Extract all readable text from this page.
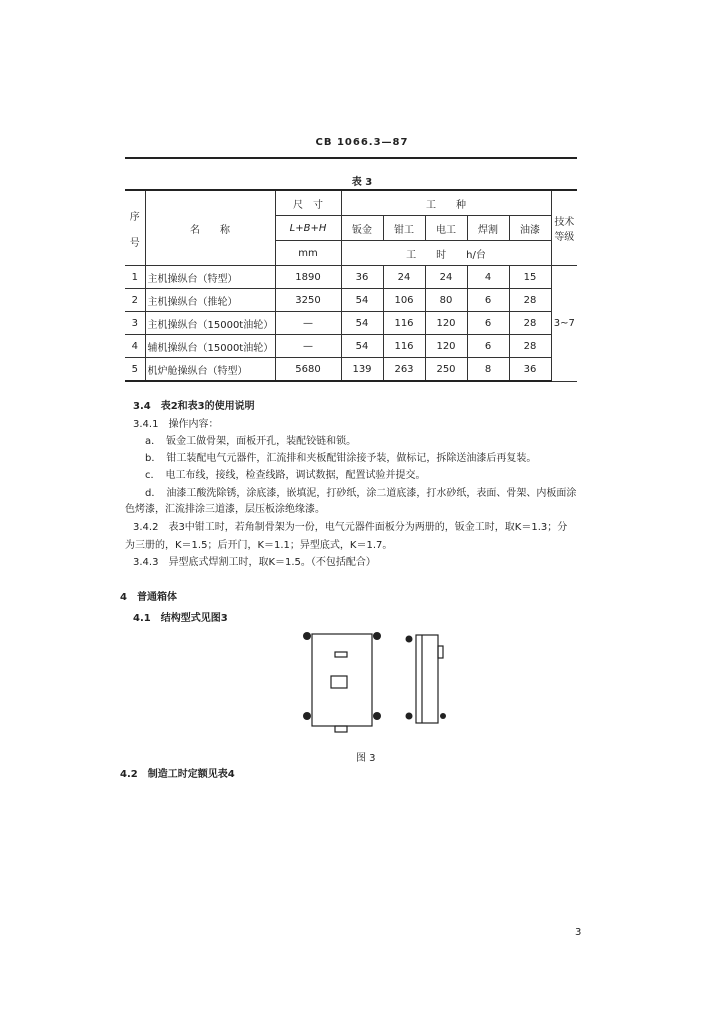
CB 1066.3—87
表 3
序

号	名　　称	尺　寸	工　　种					技术等级
		L+B+H	钣金	钳工	电工	焊割	油漆	
		mm	工　　时　　h/台					
1	主机操纵台（特型）	1890	36	24	24	4	15	3~7
2	主机操纵台（推轮）	3250	54	106	80	6	28	
3	主机操纵台（15000t油轮）	—	54	116	120	6	28	
4	辅机操纵台（15000t油轮）	—	54	116	120	6	28	
5	机炉舱操纵台（特型）	5680	139	263	250	8	36	
3.4　表2和表3的使用说明
3.4.1　操作内容：
a．　钣金工做骨架，面板开孔，装配铰链和锁。
b．　钳工装配电气元器件，汇流排和夹板配钳涂接予装，做标记，拆除送油漆后再复装。
c．　电工布线，接线，检查线路，调试数据，配置试验并提交。
d．　油漆工酸洗除锈，涂底漆，嵌填泥，打砂纸，涂二道底漆，打水砂纸，表面、骨架、内板面涂
色烤漆，汇流排涂三道漆，层压板涂绝缘漆。
3.4.2　表3中钳工时，若角制骨架为一份，电气元器件面板分为两册的，钣金工时，取K＝1.3；分
为三册的，K＝1.5；后开门，K＝1.1；异型底式，K＝1.7。
3.4.3　异型底式焊割工时，取K＝1.5。（不包括配合）
4　普通箱体
4.1　结构型式见图3
图 3
4.2　制造工时定额见表4
3
